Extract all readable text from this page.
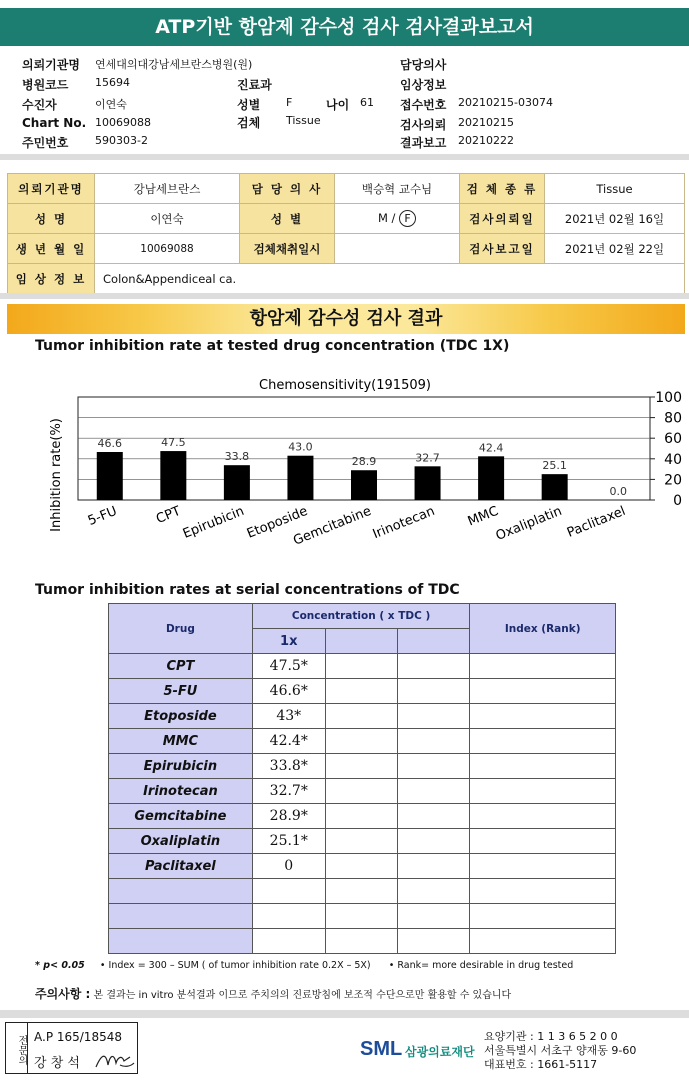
ATP기반 항암제 감수성 검사 검사결과보고서
의뢰기관명 연세대의대강남세브란스병원(원)
병원코드 15694
수진자	이연숙
Chart No. 10069088
주민번호 590303-2
진료과
성별 F	나이 61
검체 Tissue
담당의사
임상정보
접수번호 20210215-03074
검사의뢰 20210215
결과보고 20210222
의뢰기관명	강남세브란스	담 당 의 사	백승혁 교수님	검 체 종 류	Tissue
성 명	이연숙	성 별	M / F	검사의뢰일	2021년 02월 16일
생 년 월 일	10069088	검체채취일시		검사보고일	2021년 02월 22일
임 상 정 보	Colon&Appendiceal ca.				
항암제 감수성 검사 결과
Tumor inhibition rate at tested drug concentration (TDC 1X)
Chemosensitivity(191509)
Inhibition rate(%)	0
20
40
60
80
100
46.6
5-FU
47.5
CPT
33.8
Epirubicin
43.0
Etoposide
28.9
Gemcitabine
32.7
Irinotecan
42.4
MMC
25.1
Oxaliplatin
0.0
Paclitaxel
Tumor inhibition rates at serial concentrations of TDC
Drug	Concentration ( x TDC )			Index (Rank)
	1x			
CPT	47.5*			
5-FU	46.6*			
Etoposide	43*			
MMC	42.4*			
Epirubicin	33.8*			
Irinotecan	32.7*			
Gemcitabine	28.9*			
Oxaliplatin	25.1*			
Paclitaxel	0			

* p< 0.05 • Index = 300 – SUM ( of tumor inhibition rate 0.2X – 5X) • Rank= more desirable in drug tested
주의사항 : 본 결과는 in vitro 분석결과 이므로 주치의의 진료방침에 보조적 수단으로만 활용할 수 있습니다
전문의 A.P 165/18548
강 창 석
SML 삼광의료재단
요양기관 : 1 1 3 6 5 2 0 0
서울특별시 서초구 양재동 9-60
대표번호 : 1661-5117
